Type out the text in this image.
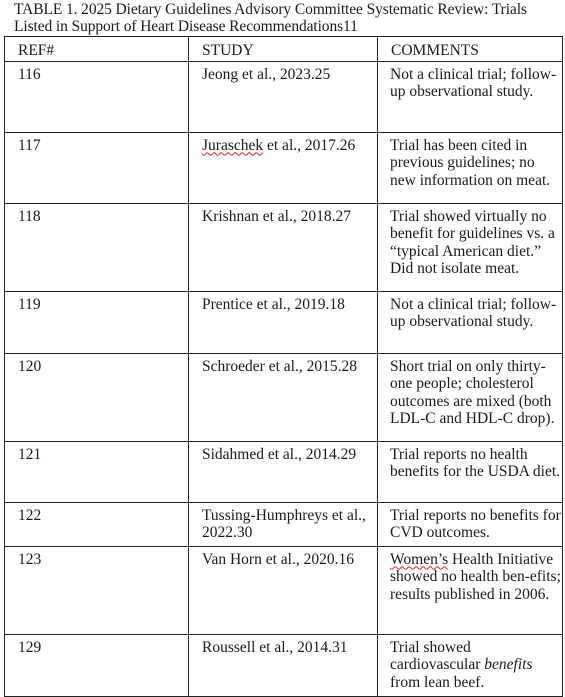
TABLE 1. 2025 Dietary Guidelines Advisory Committee Systematic Review: Trials Listed in Support of Heart Disease Recommendations11
REF#	STUDY	COMMENTS
116	Jeong et al., 2023.25	Not a clinical trial; follow-up observational study.
117	Juraschek et al., 2017.26	Trial has been cited in previous guidelines; no new information on meat.
118	Krishnan et al., 2018.27	Trial showed virtually no benefit for guidelines vs. a “typical American diet.” Did not isolate meat.
119	Prentice et al., 2019.18	Not a clinical trial; follow-up observational study.
120	Schroeder et al., 2015.28	Short trial on only thirty-one people; cholesterol outcomes are mixed (both LDL-C and HDL-C drop).
121	Sidahmed et al., 2014.29	Trial reports no health benefits for the USDA diet.
122	Tussing-Humphreys et al., 2022.30	Trial reports no benefits for CVD outcomes.
123	Van Horn et al., 2020.16	Women’s Health Initiative showed no health ben-efits; results published in 2006.
129	Roussell et al., 2014.31	Trial showed cardiovascular benefits from lean beef.
